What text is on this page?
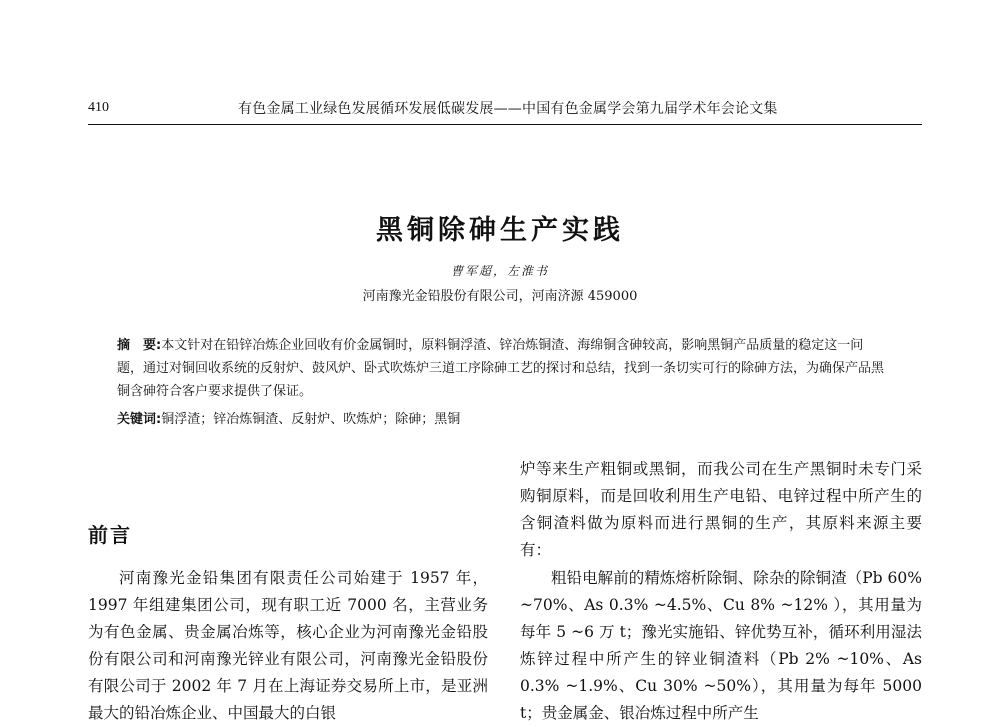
410	有色金属工业绿色发展循环发展低碳发展——中国有色金属学会第九届学术年会论文集
黑铜除砷生产实践
曹军超，左淮书
河南豫光金铅股份有限公司，河南济源 459000

摘　要:本文针对在铅锌冶炼企业回收有价金属铜时，原料铜浮渣、锌冶炼铜渣、海绵铜含砷较高，影响黑铜产品质量的稳定这一问题，通过对铜回收系统的反射炉、鼓风炉、卧式吹炼炉三道工序除砷工艺的探讨和总结，找到一条切实可行的除砷方法，为确保产品黑铜含砷符合客户要求提供了保证。

关键词:铜浮渣；锌冶炼铜渣、反射炉、吹炼炉；除砷；黑铜
前言

河南豫光金铅集团有限责任公司始建于 1957 年，1997 年组建集团公司，现有职工近 7000 名，主营业务为有色金属、贵金属冶炼等，核心企业为河南豫光金铅股份有限公司和河南豫光锌业有限公司，河南豫光金铅股份有限公司于 2002 年 7 月在上海证券交易所上市，是亚洲最大的铅冶炼企业、中国最大的白银

炉等来生产粗铜或黑铜，而我公司在生产黑铜时未专门采购铜原料，而是回收利用生产电铅、电锌过程中所产生的含铜渣料做为原料而进行黑铜的生产，其原料来源主要有：

粗铅电解前的精炼熔析除铜、除杂的除铜渣（Pb 60% ~70%、As 0.3% ~4.5%、Cu 8% ~12% ），其用量为每年 5 ~6 万 t；豫光实施铅、锌优势互补，循环利用湿法炼锌过程中所产生的锌业铜渣料（Pb 2% ~10%、As 0.3% ~1.9%、Cu 30% ~50%），其用量为每年 5000 t；贵金属金、银冶炼过程中所产生
